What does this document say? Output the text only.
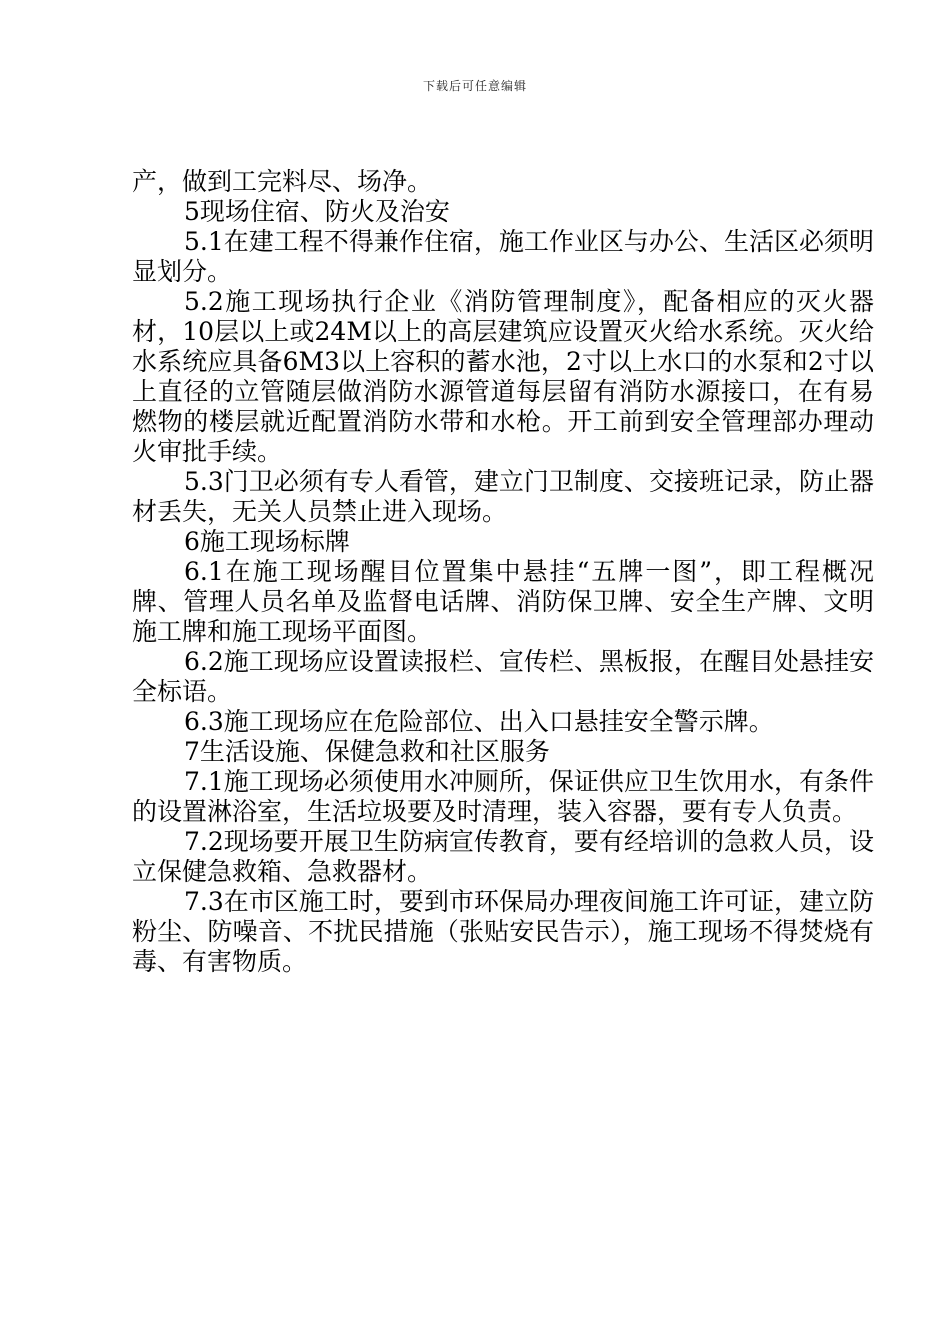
下载后可任意编辑

产，做到工完料尽、场净。

5现场住宿、防火及治安

5.1在建工程不得兼作住宿，施工作业区与办公、生活区必须明显划分。

5.2施工现场执行企业《消防管理制度》，配备相应的灭火器材，10层以上或24M以上的高层建筑应设置灭火给水系统。灭火给水系统应具备6M3以上容积的蓄水池，2寸以上水口的水泵和2寸以上直径的立管随层做消防水源管道每层留有消防水源接口，在有易燃物的楼层就近配置消防水带和水枪。开工前到安全管理部办理动火审批手续。

5.3门卫必须有专人看管，建立门卫制度、交接班记录，防止器材丢失，无关人员禁止进入现场。

6施工现场标牌

6.1在施工现场醒目位置集中悬挂“五牌一图”，即工程概况牌、管理人员名单及监督电话牌、消防保卫牌、安全生产牌、文明施工牌和施工现场平面图。

6.2施工现场应设置读报栏、宣传栏、黑板报，在醒目处悬挂安全标语。

6.3施工现场应在危险部位、出入口悬挂安全警示牌。

7生活设施、保健急救和社区服务

7.1施工现场必须使用水冲厕所，保证供应卫生饮用水，有条件的设置淋浴室，生活垃圾要及时清理，装入容器，要有专人负责。

7.2现场要开展卫生防病宣传教育，要有经培训的急救人员，设立保健急救箱、急救器材。

7.3在市区施工时，要到市环保局办理夜间施工许可证，建立防粉尘、防噪音、不扰民措施（张贴安民告示），施工现场不得焚烧有毒、有害物质。
